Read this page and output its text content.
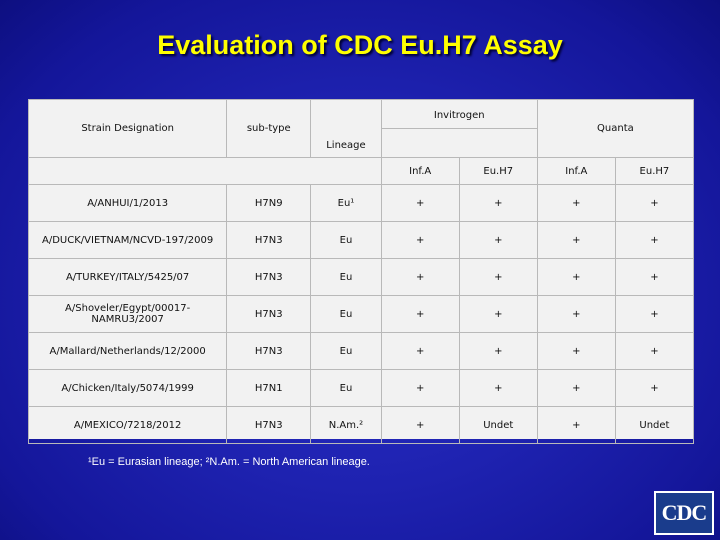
Evaluation of CDC Eu.H7 Assay
Strain Designation	sub-type	Lineage	Invitrogen		Quanta	

			Inf.A	Eu.H7	Inf.A	Eu.H7
A/ANHUI/1/2013	H7N9	Eu¹	+	+	+	+
A/DUCK/VIETNAM/NCVD-197/2009	H7N3	Eu	+	+	+	+
A/TURKEY/ITALY/5425/07	H7N3	Eu	+	+	+	+
A/Shoveler/Egypt/00017-NAMRU3/2007	H7N3	Eu	+	+	+	+
A/Mallard/Netherlands/12/2000	H7N3	Eu	+	+	+	+
A/Chicken/Italy/5074/1999	H7N1	Eu	+	+	+	+
A/MEXICO/7218/2012	H7N3	N.Am.²	+	Undet	+	Undet
¹Eu = Eurasian lineage; ²N.Am. = North American lineage.
CDC
